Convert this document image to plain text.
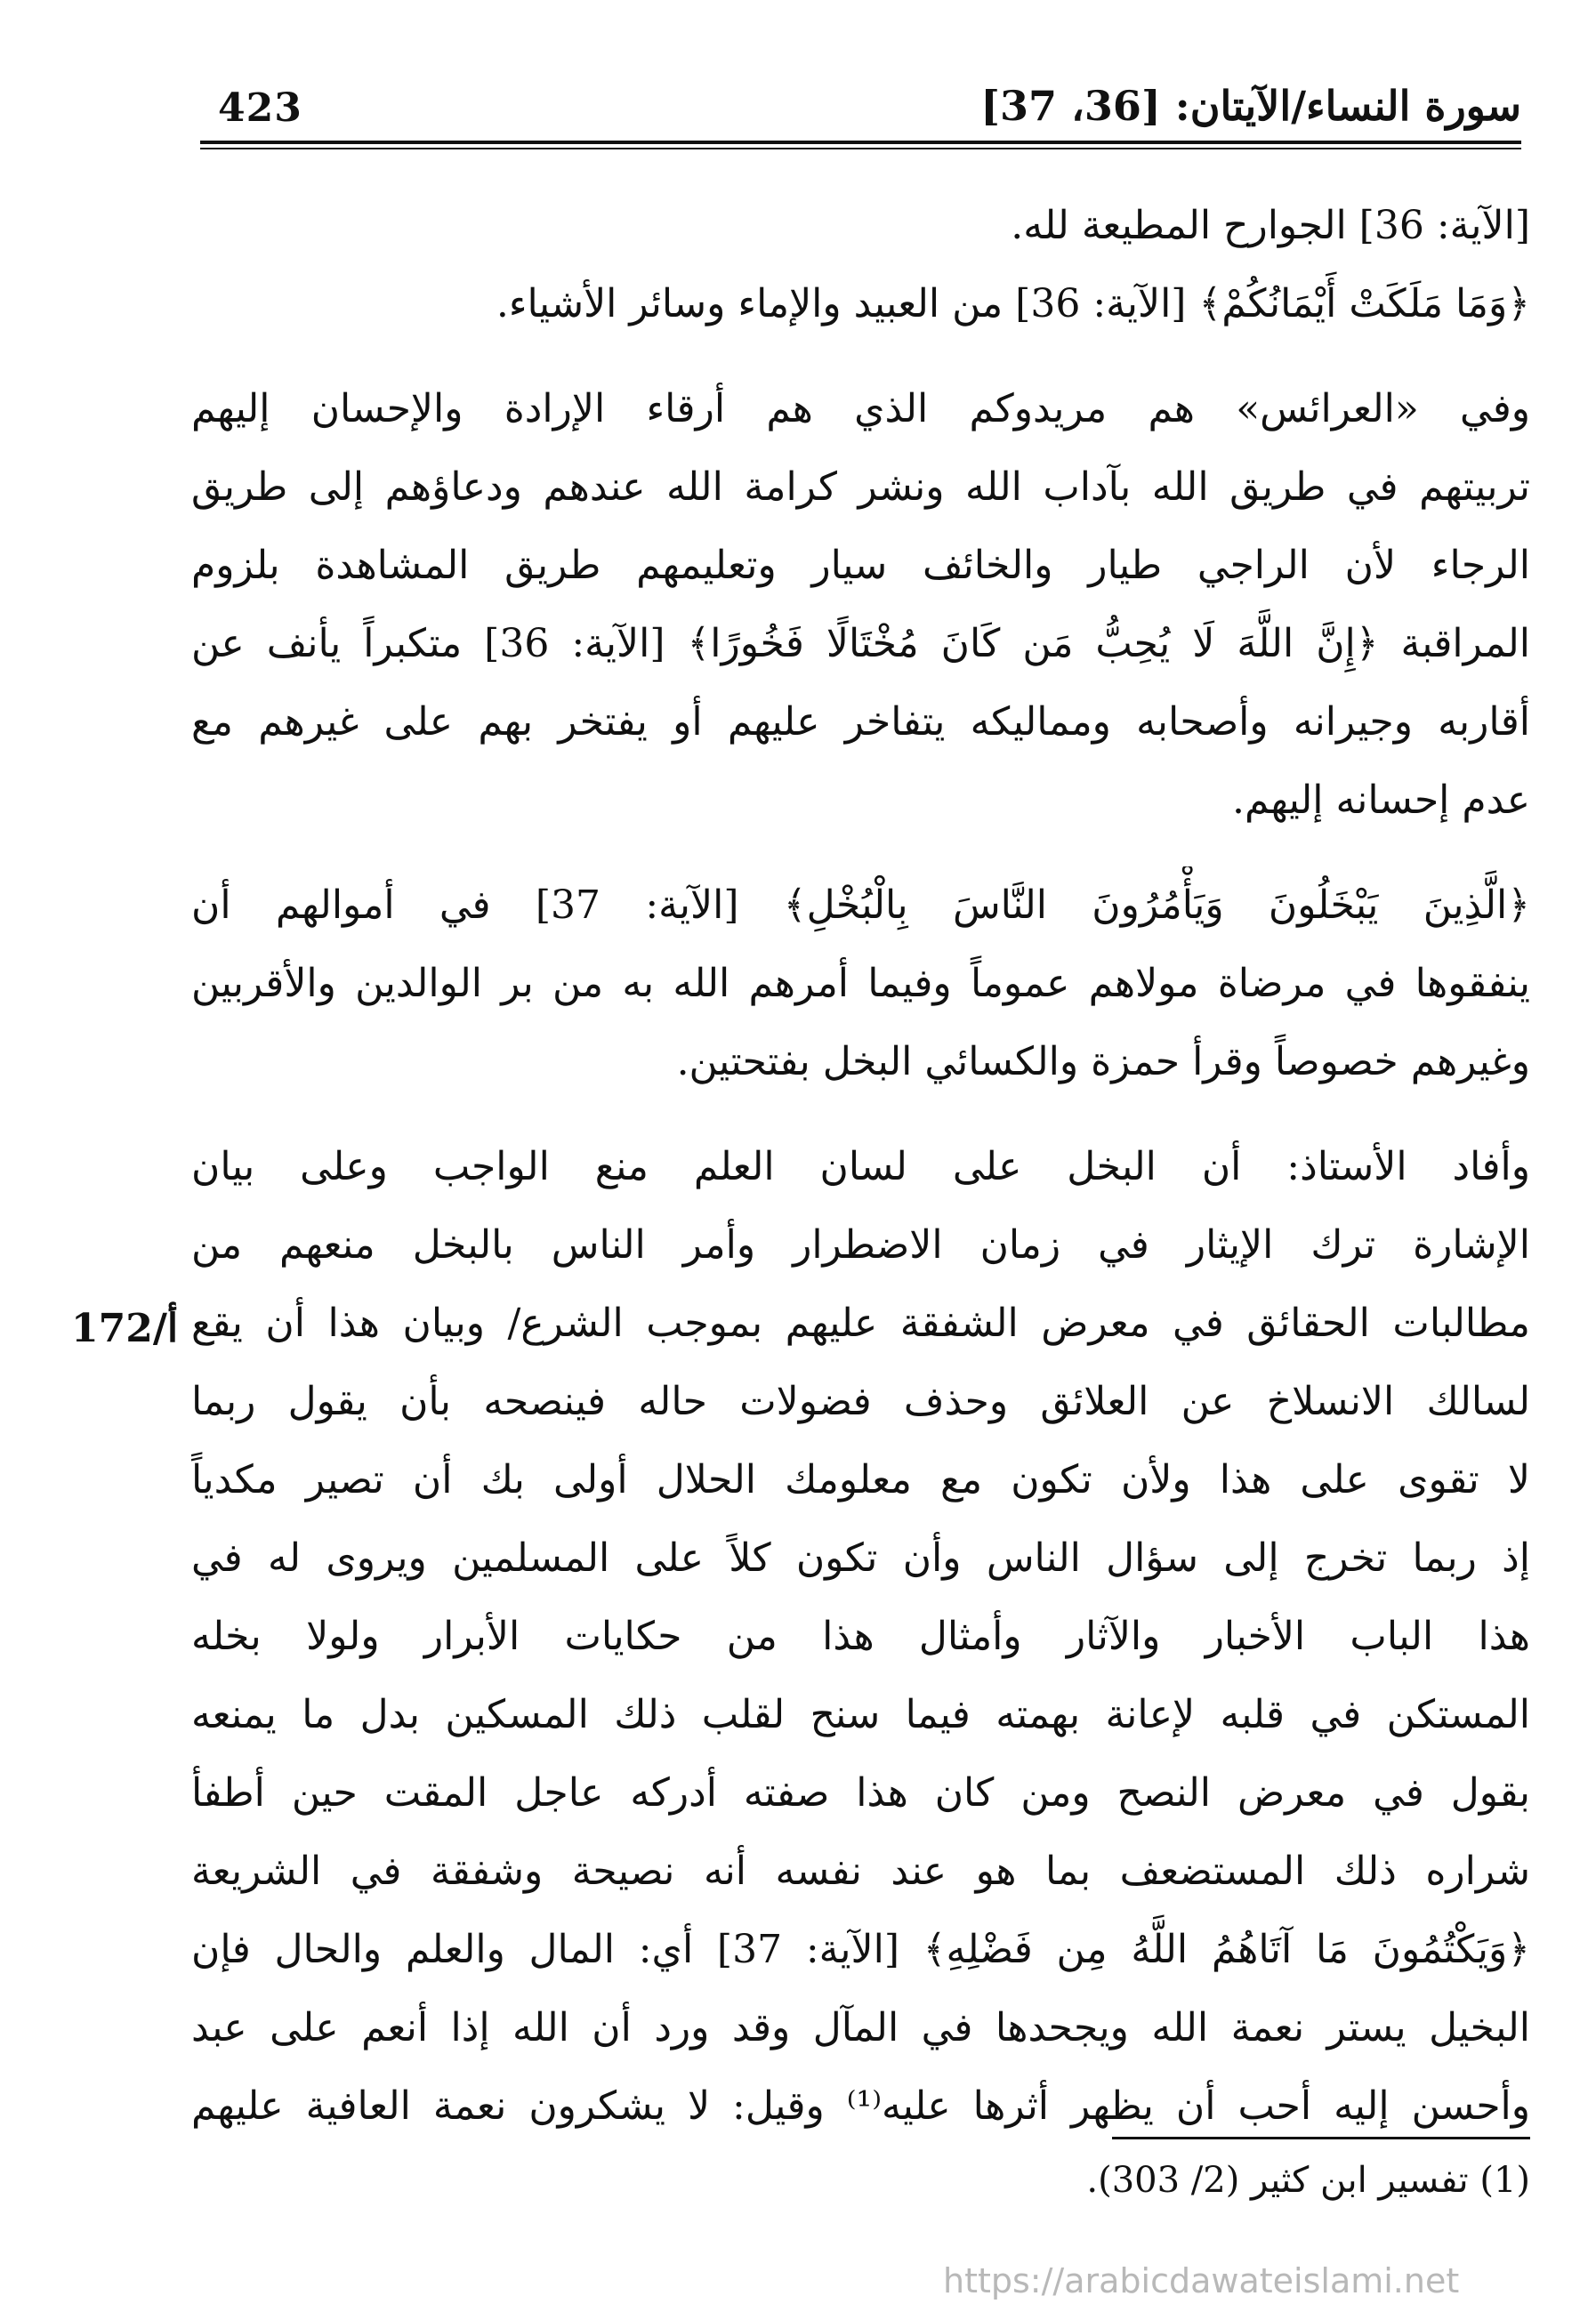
423	سورة النساء/الآيتان: [36، 37]
[الآية: 36] الجوارح المطيعة لله.
﴿وَمَا مَلَكَتْ أَيْمَانُكُمْ﴾ [الآية: 36] من العبيد والإماء وسائر الأشياء.
وفي «العرائس» هم مريدوكم الذي هم أرقاء الإرادة والإحسان إليهم
تربيتهم في طريق الله بآداب الله ونشر كرامة الله عندهم ودعاؤهم إلى طريق
الرجاء لأن الراجي طيار والخائف سيار وتعليمهم طريق المشاهدة بلزوم
المراقبة ﴿إِنَّ اللَّهَ لَا يُحِبُّ مَن كَانَ مُخْتَالًا فَخُورًا﴾ [الآية: 36] متكبراً يأنف عن
أقاربه وجيرانه وأصحابه ومماليكه يتفاخر عليهم أو يفتخر بهم على غيرهم مع
عدم إحسانه إليهم.
﴿الَّذِينَ يَبْخَلُونَ وَيَأْمُرُونَ النَّاسَ بِالْبُخْلِ﴾ [الآية: 37] في أموالهم أن
ينفقوها في مرضاة مولاهم عموماً وفيما أمرهم الله به من بر الوالدين والأقربين
وغيرهم خصوصاً وقرأ حمزة والكسائي البخل بفتحتين.
وأفاد الأستاذ: أن البخل على لسان العلم منع الواجب وعلى بيان
الإشارة ترك الإيثار في زمان الاضطرار وأمر الناس بالبخل منعهم من
مطالبات الحقائق في معرض الشفقة عليهم بموجب الشرع/ وبيان هذا أن يقع
لسالك الانسلاخ عن العلائق وحذف فضولات حاله فينصحه بأن يقول ربما
لا تقوى على هذا ولأن تكون مع معلومك الحلال أولى بك أن تصير مكدياً
إذ ربما تخرج إلى سؤال الناس وأن تكون كلاً على المسلمين ويروى له في
هذا الباب الأخبار والآثار وأمثال هذا من حكايات الأبرار ولولا بخله
المستكن في قلبه لإعانة بهمته فيما سنح لقلب ذلك المسكين بدل ما يمنعه
بقول في معرض النصح ومن كان هذا صفته أدركه عاجل المقت حين أطفأ
شراره ذلك المستضعف بما هو عند نفسه أنه نصيحة وشفقة في الشريعة
﴿وَيَكْتُمُونَ مَا آتَاهُمُ اللَّهُ مِن فَضْلِهِ﴾ [الآية: 37] أي: المال والعلم والحال فإن
البخيل يستر نعمة الله ويجحدها في المآل وقد ورد أن الله إذا أنعم على عبد
وأحسن إليه أحب أن يظهر أثرها عليه⁽¹⁾ وقيل: لا يشكرون نعمة العافية عليهم
172/أ
(1) تفسير ابن كثير (2/ 303).
https://arabicdawateislami.net
